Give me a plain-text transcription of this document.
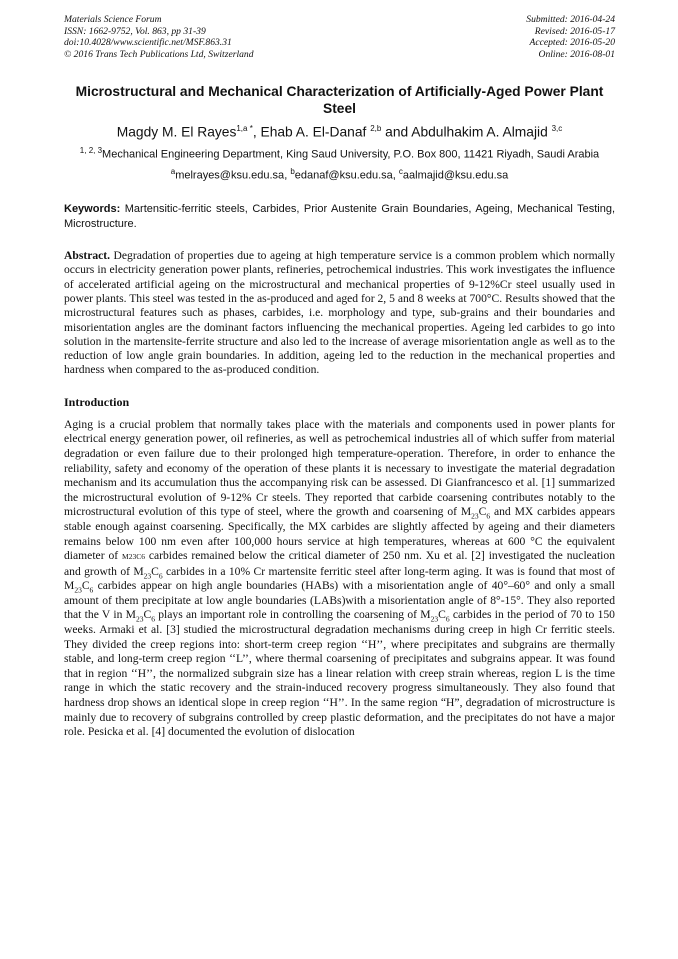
Materials Science Forum
ISSN: 1662-9752, Vol. 863, pp 31-39
doi:10.4028/www.scientific.net/MSF.863.31
© 2016 Trans Tech Publications Ltd, Switzerland
Submitted: 2016-04-24
Revised: 2016-05-17
Accepted: 2016-05-20
Online: 2016-08-01
Microstructural and Mechanical Characterization of Artificially-Aged Power Plant Steel
Magdy M. El Rayes$^{1,a *}$, Ehab A. El-Danaf $^{2,b}$ and Abdulhakim A. Almajid $^{3,c}$
$^{1, 2, 3}$Mechanical Engineering Department, King Saud University, P.O. Box 800, 11421 Riyadh, Saudi Arabia
$^a$melrayes@ksu.edu.sa, $^b$edanaf@ksu.edu.sa, $^c$aalmajid@ksu.edu.sa
Keywords: Martensitic-ferritic steels, Carbides, Prior Austenite Grain Boundaries, Ageing, Mechanical Testing, Microstructure.
Abstract. Degradation of properties due to ageing at high temperature service is a common problem which normally occurs in electricity generation power plants, refineries, petrochemical industries. This work investigates the influence of accelerated artificial ageing on the microstructural and mechanical properties of 9-12%Cr steel usually used in power plants. This steel was tested in the as-produced and aged for 2, 5 and 8 weeks at 700°C. Results showed that the microstructural features such as phases, carbides, i.e. morphology and type, sub-grains and their boundaries and misorientation angles are the dominant factors influencing the mechanical properties. Ageing led carbides to go into solution in the martensite-ferrite structure and also led to the increase of average misorientation angle as well as to the reduction of low angle grain boundaries. In addition, ageing led to the reduction in the mechanical properties and hardness when compared to the as-produced condition.
Introduction
Aging is a crucial problem that normally takes place with the materials and components used in power plants for electrical energy generation power, oil refineries, as well as petrochemical industries all of which suffer from material degradation or even failure due to their prolonged high temperature-operation. Therefore, in order to enhance the reliability, safety and economy of the operation of these plants it is necessary to investigate the material degradation mechanism and its accumulation thus the accompanying risk can be assessed. Di Gianfrancesco et al. [1] summarized the microstructural evolution of 9-12% Cr steels. They reported that carbide coarsening contributes notably to the microstructural evolution of this type of steel, where the growth and coarsening of $M_{23}C_6$ and MX carbides appears stable enough against coarsening. Specifically, the MX carbides are slightly affected by ageing and their diameters remains below 100 nm even after 100,000 hours service at high temperatures, whereas at 600 °C the equivalent diameter of M23C6 carbides remained below the critical diameter of 250 nm. Xu et al. [2] investigated the nucleation and growth of $M_{23}C_6$ carbides in a 10% Cr martensite ferritic steel after long-term aging. It was is found that most of $M_{23}C_6$ carbides appear on high angle boundaries (HABs) with a misorientation angle of 40°–60° and only a small amount of them precipitate at low angle boundaries (LABs)with a misorientation angle of 8°-15°. They also reported that the V in $M_{23}C_6$ plays an important role in controlling the coarsening of $M_{23}C_6$ carbides in the period of 70 to 150 weeks. Armaki et al. [3] studied the microstructural degradation mechanisms during creep in high Cr ferritic steels. They divided the creep regions into: short-term creep region ‘‘H’’, where precipitates and subgrains are thermally stable, and long-term creep region ‘‘L’’, where thermal coarsening of precipitates and subgrains appear. It was found that in region ‘‘H’’, the normalized subgrain size has a linear relation with creep strain whereas, region L is the time range in which the static recovery and the strain-induced recovery progress simultaneously. They also found that hardness drop shows an identical slope in creep region ‘‘H’’. In the same region “H”, degradation of microstructure is mainly due to recovery of subgrains controlled by creep plastic deformation, and the precipitates do not have a major role. Pesicka et al. [4] documented the evolution of dislocation
